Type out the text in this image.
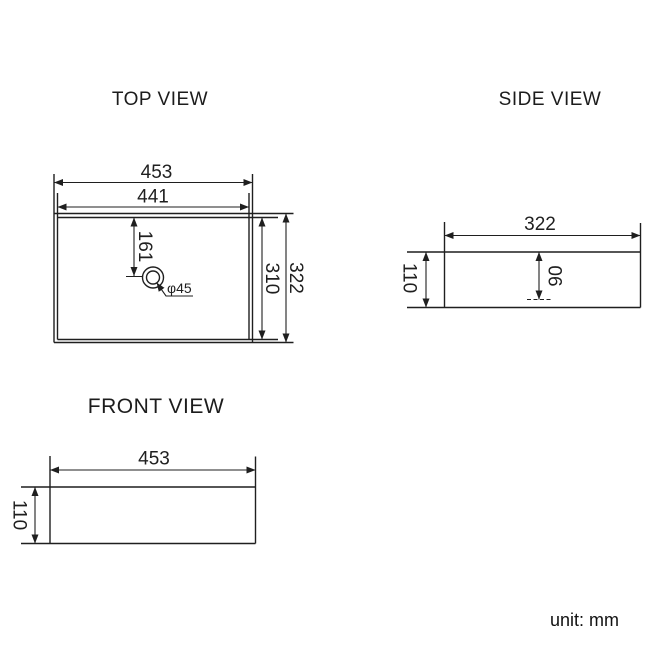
TOP VIEW	SIDE VIEW
FRONT VIEW
unit: mm
453
441
161
310 322
φ45
322
110	90
453
110
